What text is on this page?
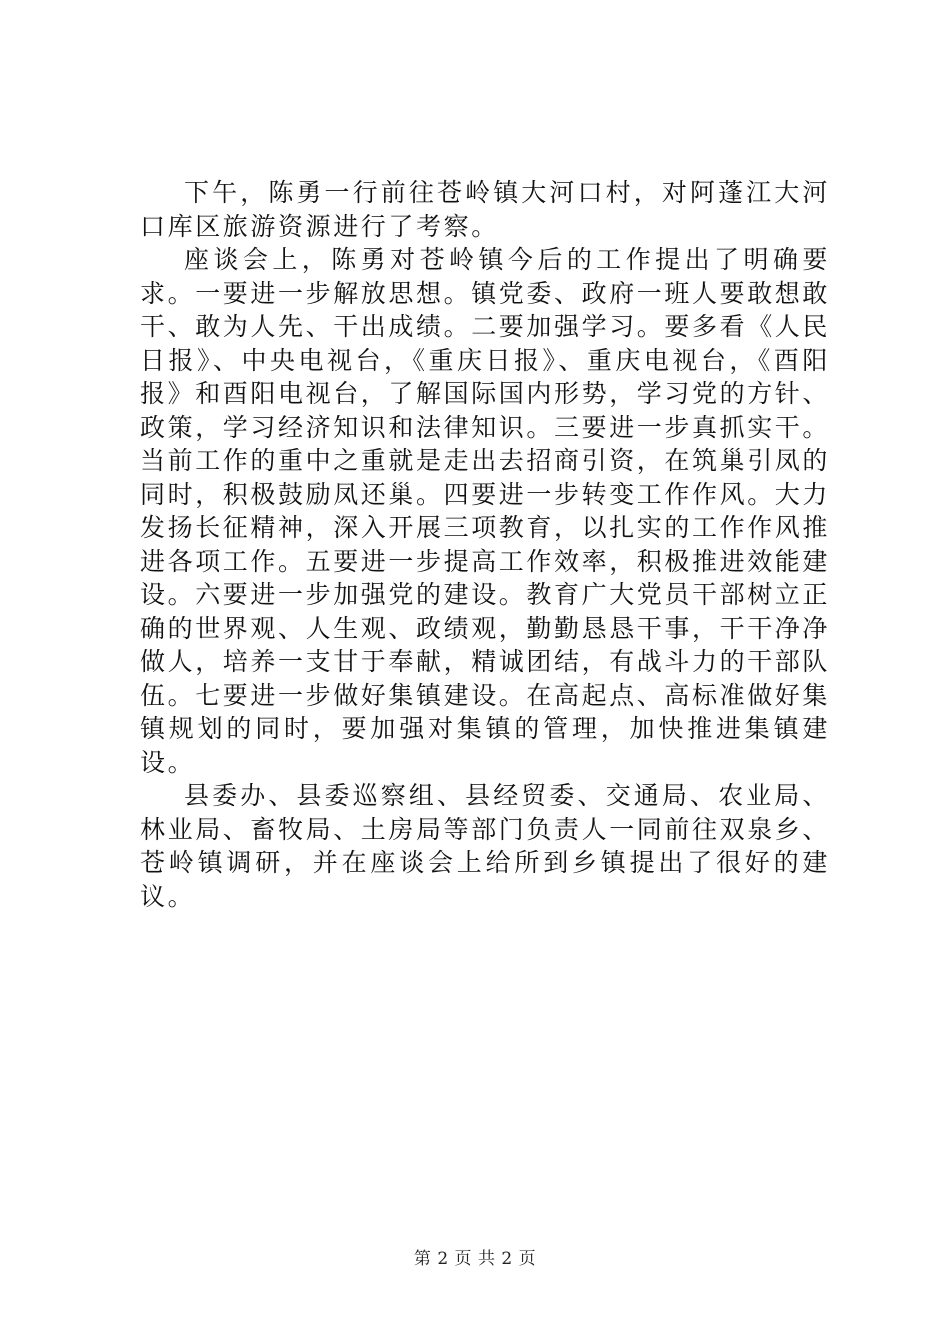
下午，陈勇一行前往苍岭镇大河口村，对阿蓬江大河口库区旅游资源进行了考察。

座谈会上，陈勇对苍岭镇今后的工作提出了明确要求。一要进一步解放思想。镇党委、政府一班人要敢想敢干、敢为人先、干出成绩。二要加强学习。要多看《人民日报》、中央电视台，《重庆日报》、重庆电视台，《酉阳报》和酉阳电视台，了解国际国内形势，学习党的方针、政策，学习经济知识和法律知识。三要进一步真抓实干。当前工作的重中之重就是走出去招商引资，在筑巢引凤的同时，积极鼓励凤还巢。四要进一步转变工作作风。大力发扬长征精神，深入开展三项教育，以扎实的工作作风推进各项工作。五要进一步提高工作效率，积极推进效能建设。六要进一步加强党的建设。教育广大党员干部树立正确的世界观、人生观、政绩观，勤勤恳恳干事，干干净净做人，培养一支甘于奉献，精诚团结，有战斗力的干部队伍。七要进一步做好集镇建设。在高起点、高标准做好集镇规划的同时，要加强对集镇的管理，加快推进集镇建设。

县委办、县委巡察组、县经贸委、交通局、农业局、林业局、畜牧局、土房局等部门负责人一同前往双泉乡、苍岭镇调研，并在座谈会上给所到乡镇提出了很好的建议。

第 2 页 共 2 页
